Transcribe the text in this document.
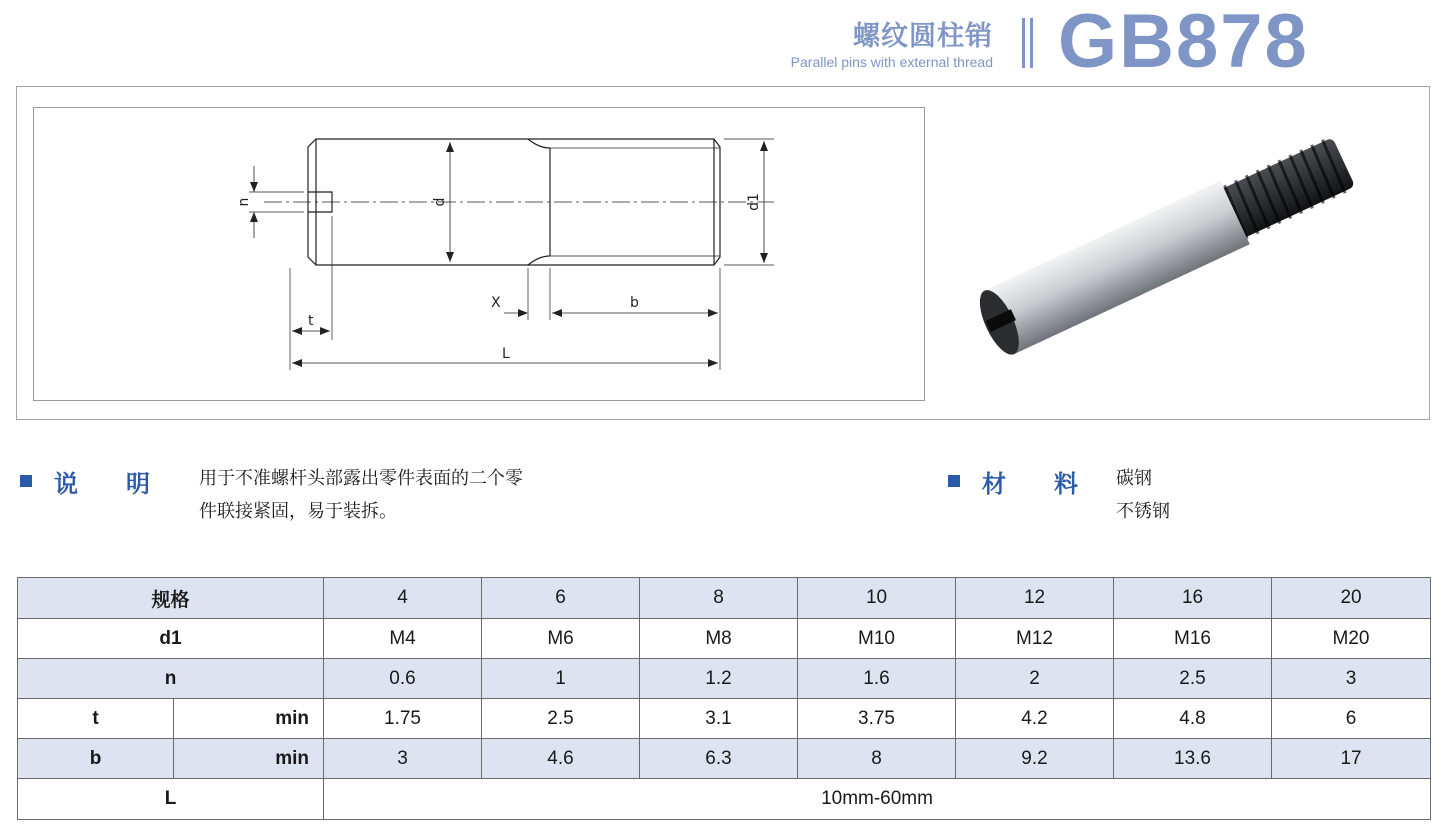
螺纹圆柱销
Parallel pins with external thread GB878
n	d	d1
X	b
t
L
说　　明	用于不准螺杆头部露出零件表面的二个零
件联接紧固，易于装拆。
材　　料 碳钢
不锈钢
规格		4	6	8	10	12	16	20
d1		M4	M6	M8	M10	M12	M16	M20
n		0.6	1	1.2	1.6	2	2.5	3
t	min	1.75	2.5	3.1	3.75	4.2	4.8	6
b	min	3	4.6	6.3	8	9.2	13.6	17
L		10mm-60mm						
